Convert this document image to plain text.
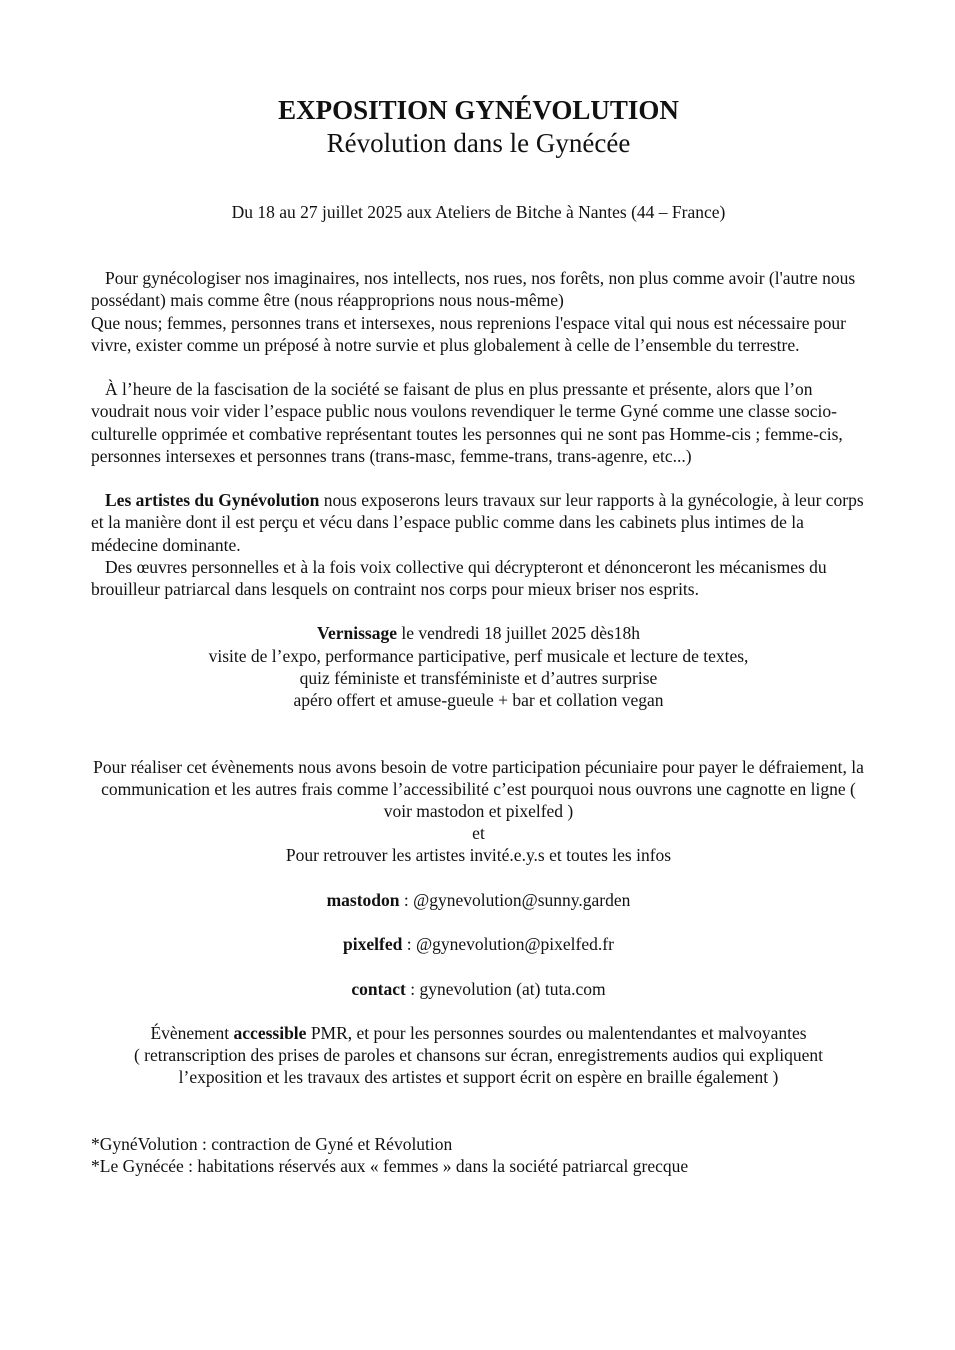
EXPOSITION GYNÉVOLUTION
Révolution dans le Gynécée

Du 18 au 27 juillet 2025 aux Ateliers de Bitche à Nantes (44 – France)

Pour gynécologiser nos imaginaires, nos intellects, nos rues, nos forêts, non plus comme avoir (l'autre nous possédant) mais comme être (nous réapproprions nous nous-même)

Que nous; femmes, personnes trans et intersexes, nous reprenions l'espace vital qui nous est nécessaire pour vivre, exister comme un préposé à notre survie et plus globalement à celle de l’ensemble du terrestre.

À l’heure de la fascisation de la société se faisant de plus en plus pressante et présente, alors que l’on voudrait nous voir vider l’espace public nous voulons revendiquer le terme Gyné comme une classe socio-culturelle opprimée et combative représentant toutes les personnes qui ne sont pas Homme-cis ; femme-cis, personnes intersexes et personnes trans (trans-masc, femme-trans, trans-agenre, etc...)

Les artistes du Gynévolution nous exposerons leurs travaux sur leur rapports à la gynécologie, à leur corps et la manière dont il est perçu et vécu dans l’espace public comme dans les cabinets plus intimes de la médecine dominante.

Des œuvres personnelles et à la fois voix collective qui décrypteront et dénonceront les mécanismes du brouilleur patriarcal dans lesquels on contraint nos corps pour mieux briser nos esprits.

Vernissage le vendredi 18 juillet 2025 dès18h

visite de l’expo, performance participative, perf musicale et lecture de textes,

quiz féministe et transféministe et d’autres surprise

apéro offert et amuse-gueule + bar et collation vegan

Pour réaliser cet évènements nous avons besoin de votre participation pécuniaire pour payer le défraiement, la communication et les autres frais comme l’accessibilité c’est pourquoi nous ouvrons une cagnotte en ligne ( voir mastodon et pixelfed )

et

Pour retrouver les artistes invité.e.y.s et toutes les infos

mastodon : @gynevolution@sunny.garden

pixelfed : @gynevolution@pixelfed.fr

contact : gynevolution (at) tuta.com

Évènement accessible PMR, et pour les personnes sourdes ou malentendantes et malvoyantes

( retranscription des prises de paroles et chansons sur écran, enregistrements audios qui expliquent l’exposition et les travaux des artistes et support écrit on espère en braille également )

*GynéVolution : contraction de Gyné et Révolution

*Le Gynécée : habitations réservés aux « femmes » dans la société patriarcal grecque
